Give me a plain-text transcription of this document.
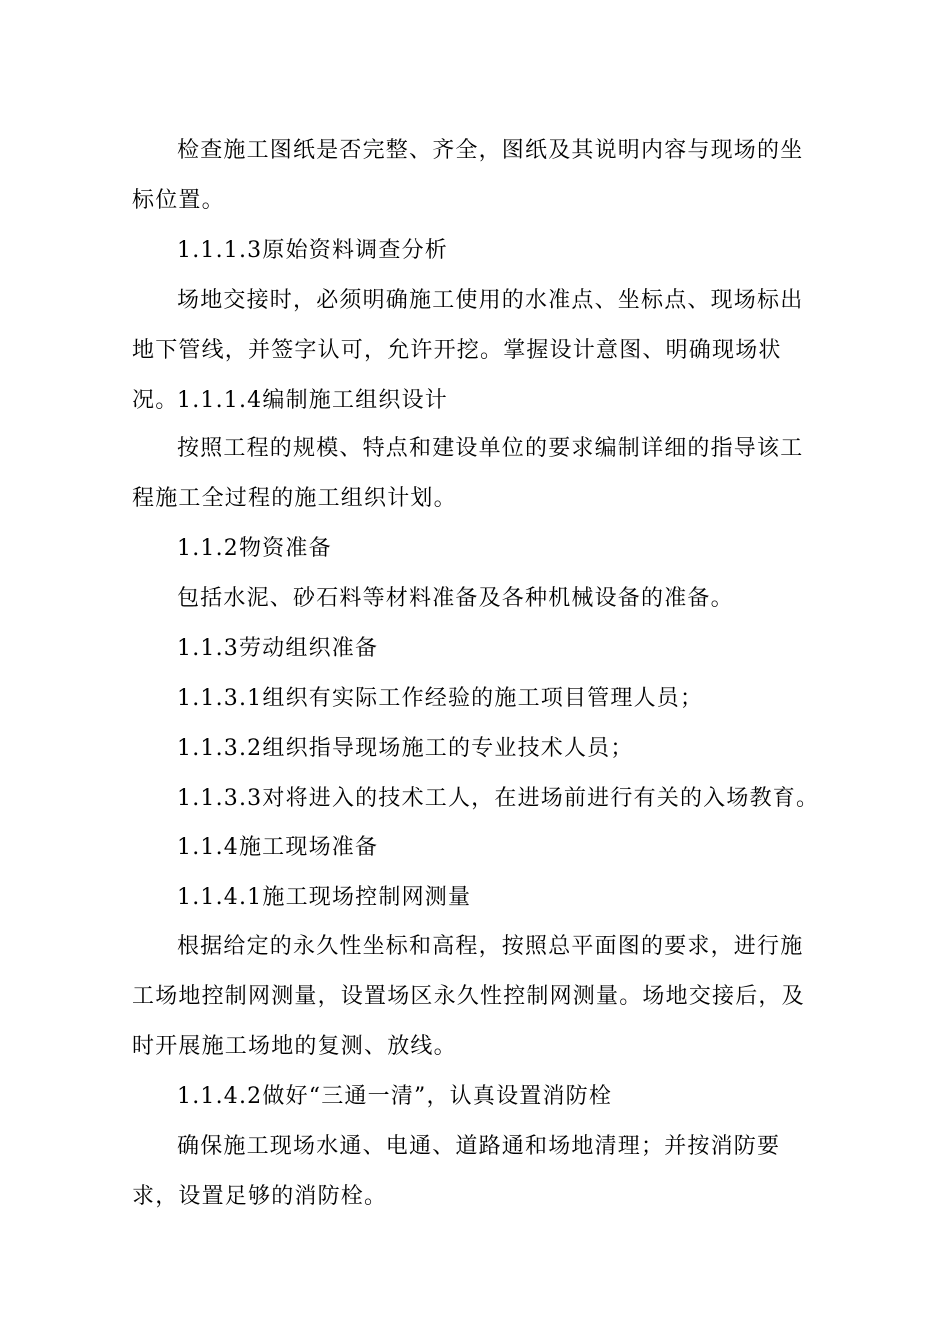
检查施工图纸是否完整、齐全，图纸及其说明内容与现场的坐标位置。

1.1.1.3原始资料调查分析

场地交接时，必须明确施工使用的水准点、坐标点、现场标出地下管线，并签字认可，允许开挖。掌握设计意图、明确现场状况。

1.1.1.4编制施工组织设计

按照工程的规模、特点和建设单位的要求编制详细的指导该工程施工全过程的施工组织计划。

1.1.2物资准备

包括水泥、砂石料等材料准备及各种机械设备的准备。

1.1.3劳动组织准备

1.1.3.1组织有实际工作经验的施工项目管理人员；

1.1.3.2组织指导现场施工的专业技术人员；

1.1.3.3对将进入的技术工人，在进场前进行有关的入场教育。

1.1.4施工现场准备

1.1.4.1施工现场控制网测量

根据给定的永久性坐标和高程，按照总平面图的要求，进行施工场地控制网测量，设置场区永久性控制网测量。场地交接后，及时开展施工场地的复测、放线。

1.1.4.2做好“三通一清”，认真设置消防栓

确保施工现场水通、电通、道路通和场地清理；并按消防要求，设置足够的消防栓。
